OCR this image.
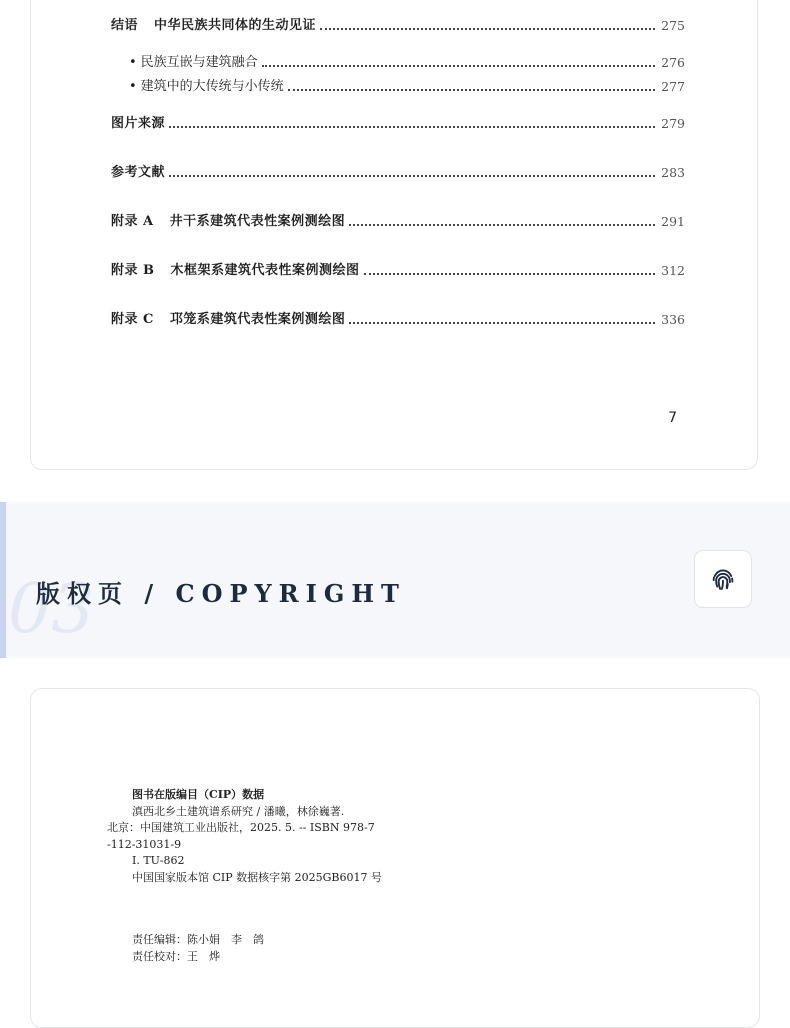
结语 中华民族共同体的生动见证	275
• 民族互嵌与建筑融合	276
• 建筑中的大传统与小传统	277
图片来源	279
参考文献	283
附录 A 井干系建筑代表性案例测绘图	291
附录 B 木框架系建筑代表性案例测绘图	312
附录 C 邛笼系建筑代表性案例测绘图	336
7
03
版权页 / COPYRIGHT
图书在版编目（CIP）数据
滇西北乡土建筑谱系研究 / 潘曦，林徐巍著.
北京：中国建筑工业出版社，2025. 5. -- ISBN 978-7
-112-31031-9
Ⅰ. TU-862
中国国家版本馆 CIP 数据核字第 2025GB6017 号
责任编辑：陈小娟　李　鸽
责任校对：王　烨
